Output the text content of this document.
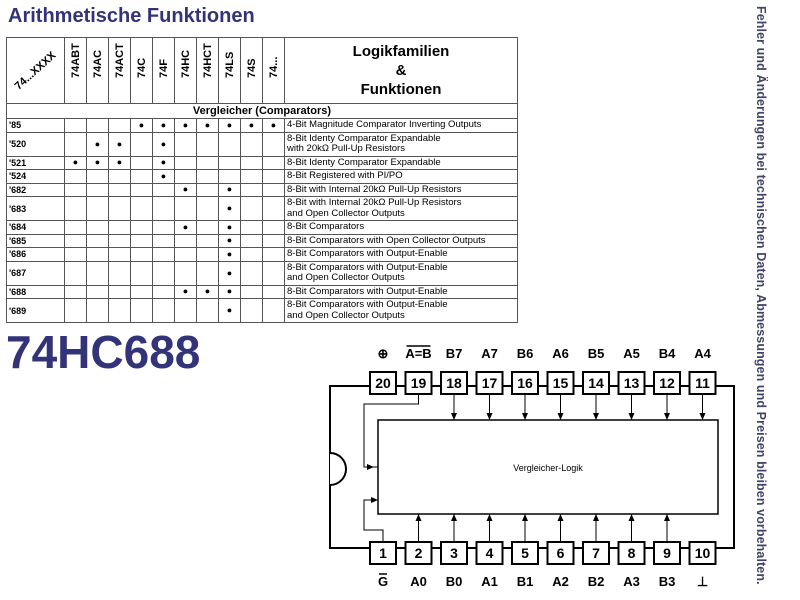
Arithmetische Funktionen	Fehler und Änderungen bei technischen Daten, Abmessungen und Preisen bleiben vorbehalten.
74...XXXX	74ABT	74AC	74ACT	74C	74F	74HC	74HCT	74LS	74S	74...	Logikfamilien
&
Funktionen

Vergleicher (Comparators)											
'85				●	●	●	●	●	●	●	4-Bit Magnitude Comparator Inverting Outputs

'520		●	●		●						8-Bit Identy Comparator Expandable
with 20kΩ Pull-Up Resistors

'521	●	●	●		●						8-Bit Identy Comparator Expandable

'524					●						8-Bit Registered with PI/PO

'682						●		●			8-Bit with Internal 20kΩ Pull-Up Resistors

'683								●			8-Bit with Internal 20kΩ Pull-Up Resistors
and Open Collector Outputs

'684						●		●			8-Bit Comparators

'685								●			8-Bit Comparators with Open Collector Outputs

'686								●			8-Bit Comparators with Output-Enable

'687								●			8-Bit Comparators with Output-Enable
and Open Collector Outputs

'688						●	●	●			8-Bit Comparators with Output-Enable

'689								●			8-Bit Comparators with Output-Enable
and Open Collector Outputs
74HC688
Vergleicher-Logik
20
⊕
19
A=B
18
B7
17
A7
16
B6
15
A6
14
B5
13
A5
12
B4
11
A4
1
G
2
A0
3
B0
4
A1
5
B1
6
A2
7
B2
8
A3
9
B3
10
⊥
